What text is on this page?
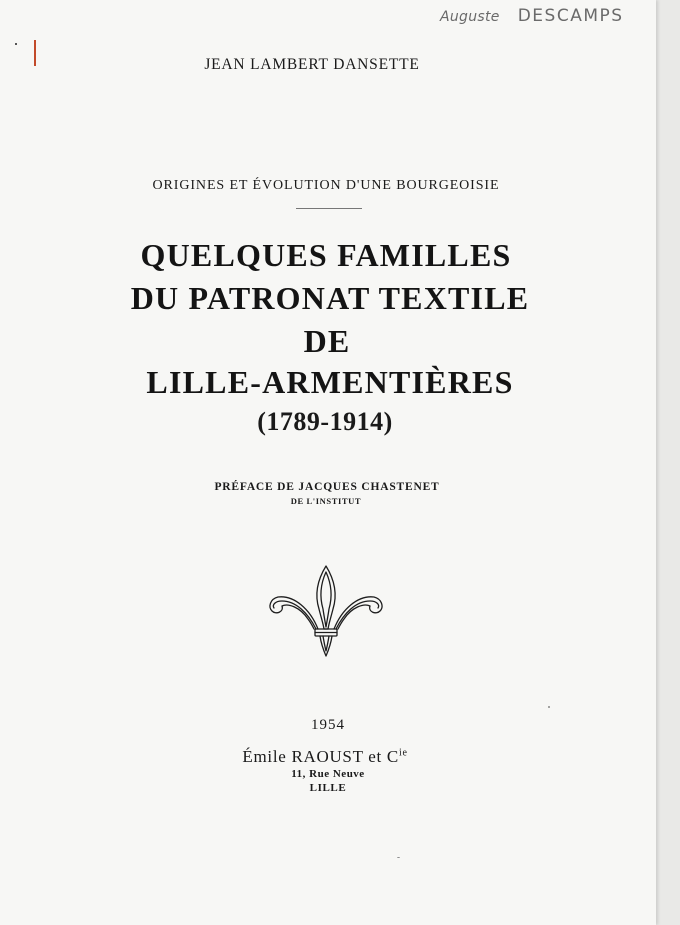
Auguste DESCAMPS
JEAN LAMBERT DANSETTE
ORIGINES ET ÉVOLUTION D'UNE BOURGEOISIE
QUELQUES FAMILLES
DU PATRONAT TEXTILE
DE
LILLE-ARMENTIÈRES
(1789-1914)
PRÉFACE DE JACQUES CHASTENET
DE L'INSTITUT
1954
Émile RAOUST et $C^{ie}$
11, Rue Neuve
LILLE
